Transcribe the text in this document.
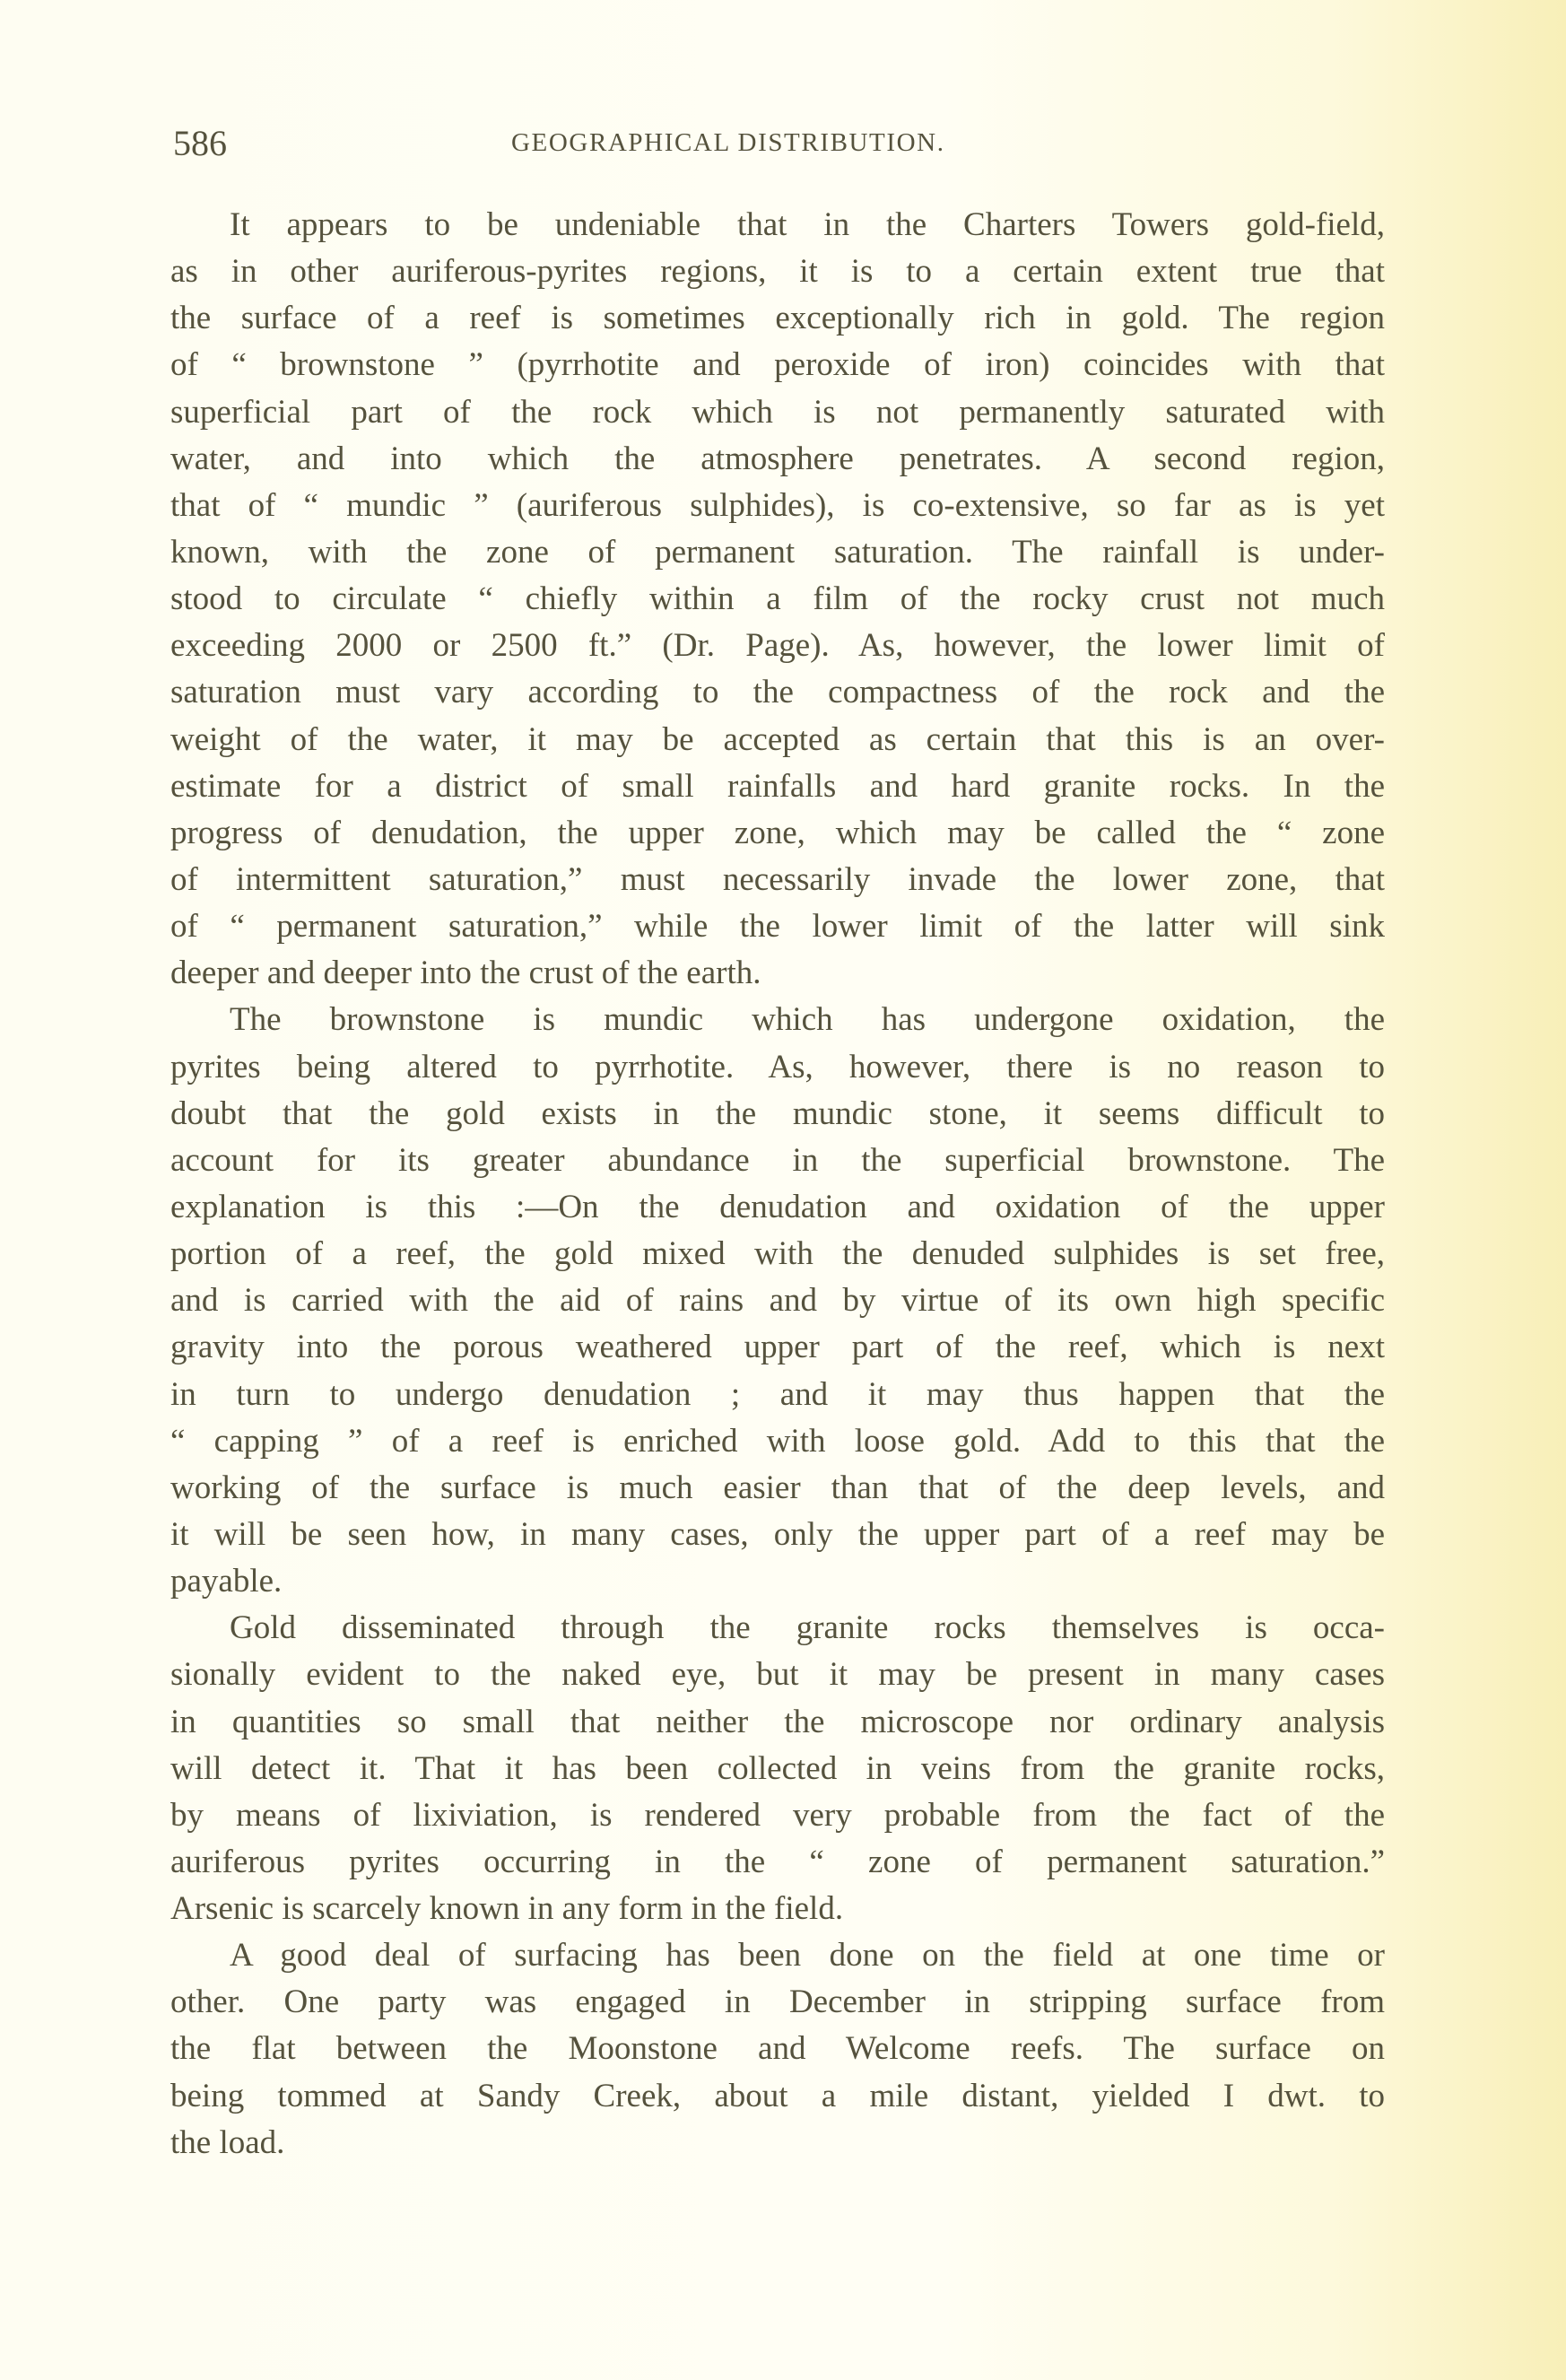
586	GEOGRAPHICAL DISTRIBUTION.
It appears to be undeniable that in the Charters Towers gold-field,
as in other auriferous-pyrites regions, it is to a certain extent true that
the surface of a reef is sometimes exceptionally rich in gold. The region
of “ brownstone ” (pyrrhotite and peroxide of iron) coincides with that
superficial part of the rock which is not permanently saturated with
water, and into which the atmosphere penetrates. A second region,
that of “ mundic ” (auriferous sulphides), is co-extensive, so far as is yet
known, with the zone of permanent saturation. The rainfall is under-
stood to circulate “ chiefly within a film of the rocky crust not much
exceeding 2000 or 2500 ft.” (Dr. Page). As, however, the lower limit of
saturation must vary according to the compactness of the rock and the
weight of the water, it may be accepted as certain that this is an over-
estimate for a district of small rainfalls and hard granite rocks. In the
progress of denudation, the upper zone, which may be called the “ zone
of intermittent saturation,” must necessarily invade the lower zone, that
of “ permanent saturation,” while the lower limit of the latter will sink
deeper and deeper into the crust of the earth.
The brownstone is mundic which has undergone oxidation, the
pyrites being altered to pyrrhotite. As, however, there is no reason to
doubt that the gold exists in the mundic stone, it seems difficult to
account for its greater abundance in the superficial brownstone. The
explanation is this :—On the denudation and oxidation of the upper
portion of a reef, the gold mixed with the denuded sulphides is set free,
and is carried with the aid of rains and by virtue of its own high specific
gravity into the porous weathered upper part of the reef, which is next
in turn to undergo denudation ; and it may thus happen that the
“ capping ” of a reef is enriched with loose gold. Add to this that the
working of the surface is much easier than that of the deep levels, and
it will be seen how, in many cases, only the upper part of a reef may be
payable.
Gold disseminated through the granite rocks themselves is occa-
sionally evident to the naked eye, but it may be present in many cases
in quantities so small that neither the microscope nor ordinary analysis
will detect it. That it has been collected in veins from the granite rocks,
by means of lixiviation, is rendered very probable from the fact of the
auriferous pyrites occurring in the “ zone of permanent saturation.”
Arsenic is scarcely known in any form in the field.
A good deal of surfacing has been done on the field at one time or
other. One party was engaged in December in stripping surface from
the flat between the Moonstone and Welcome reefs. The surface on
being tommed at Sandy Creek, about a mile distant, yielded I dwt. to
the load.
